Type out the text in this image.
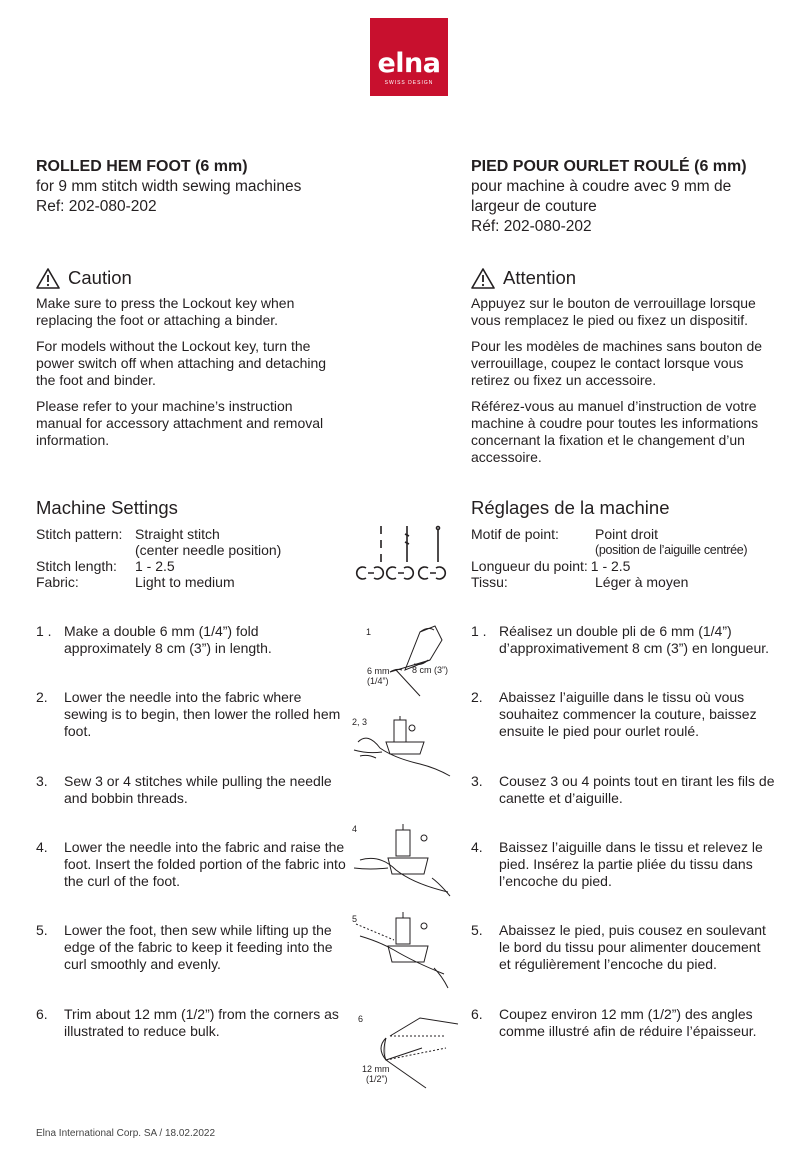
elna
SWISS DESIGN
ROLLED HEM FOOT (6 mm)
for 9 mm stitch width sewing machines
Ref: 202-080-202
Caution

Make sure to press the Lockout key when replacing the foot or attaching a binder.

For models without the Lockout key, turn the power switch off when attaching and detaching the foot and binder.

Please refer to your machine’s instruction manual for accessory attachment and removal information.

Machine Settings
Stitch pattern: Straight stitch
(center needle position)
Stitch length:	1 - 2.5
Fabric:	Light to medium
1 . Make a double 6 mm (1/4”) fold approximately 8 cm (3”) in length.
2.	Lower the needle into the fabric where sewing is to begin, then lower the rolled hem foot.
3.	Sew 3 or 4 stitches while pulling the needle and bobbin threads.
4.	Lower the needle into the fabric and raise the foot. Insert the folded portion of the fabric into the curl of the foot.
5.	Lower the foot, then sew while lifting up the edge of the fabric to keep it feeding into the curl smoothly and evenly.
6.	Trim about 12 mm (1/2”) from the corners as illustrated to reduce bulk.
PIED POUR OURLET ROULÉ (6 mm)
pour machine à coudre avec 9 mm de largeur de couture
Réf: 202-080-202
Attention

Appuyez sur le bouton de verrouillage lorsque vous remplacez le pied ou fixez un dispositif.

Pour les modèles de machines sans bouton de verrouillage, coupez le contact lorsque vous retirez ou fixez un accessoire.

Référez-vous au manuel d’instruction de votre machine à coudre pour toutes les informations concernant la fixation et le changement d’un accessoire.

Réglages de la machine
Motif de point:	Point droit
(position de l’aiguille centrée)
Longueur du point: 1 - 2.5
Tissu:	Léger à moyen
1 . Réalisez un double pli de 6 mm (1/4”) d’approximativement 8 cm (3”) en longueur.
2.	Abaissez l’aiguille dans le tissu où vous souhaitez commencer la couture, baissez ensuite le pied pour ourlet roulé.
3.	Cousez 3 ou 4 points tout en tirant les fils de canette et d’aiguille.
4.	Baissez l’aiguille dans le tissu et relevez le pied. Insérez la partie pliée du tissu dans l’encoche du pied.
5.	Abaissez le pied, puis cousez en soulevant le bord du tissu pour alimenter doucement et régulièrement l’encoche du pied.
6.	Coupez environ 12 mm (1/2”) des angles comme illustré afin de réduire l’épaisseur.
1
6 mm
(1/4”)
8 cm (3”)
2, 3
4
5
6
12 mm
(1/2”)
Elna International Corp. SA / 18.02.2022
